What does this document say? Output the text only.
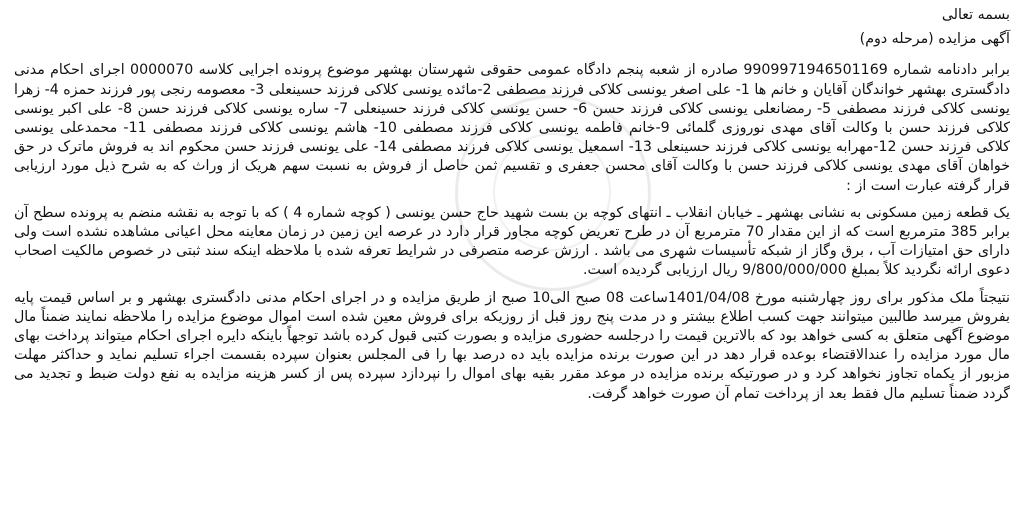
بسمه تعالی

آگهی مزایده (مرحله دوم)

برابر دادنامه شماره 9909971946501169 صادره از شعبه پنجم دادگاه عمومی حقوقی شهرستان بهشهر موضوع پرونده اجرایی کلاسه 0000070 اجرای احکام مدنی دادگستری بهشهر خواندگان آقایان و خانم ها 1- علی اصغر یونسی کلاکی فرزند مصطفی 2-مائده یونسی کلاکی فرزند حسینعلی 3- معصومه رنجی پور فرزند حمزه 4- زهرا یونسی کلاکی فرزند مصطفی 5- رمضانعلی یونسی کلاکی فرزند حسن 6- حسن یونسی کلاکی فرزند حسینعلی 7- ساره یونسی کلاکی فرزند حسن 8- علی اکبر یونسی کلاکی فرزند حسن با وکالت آقای مهدی نوروزی گلمائی 9-خانم فاطمه یونسی کلاکی فرزند مصطفی 10- هاشم یونسی کلاکی فرزند مصطفی 11- محمدعلی یونسی کلاکی فرزند حسن 12-مهرابه یونسی کلاکی فرزند حسینعلی 13- اسمعیل یونسی کلاکی فرزند مصطفی 14- علی یونسی فرزند حسن محکوم اند به فروش ماترک در حق خواهان آقای مهدی یونسی کلاکی فرزند حسن با وکالت آقای محسن جعفری و تقسیم ثمن حاصل از فروش به نسبت سهم هریک از وراث که به شرح ذیل مورد ارزیابی قرار گرفته عبارت است از :

یک قطعه زمین مسکونی به نشانی بهشهر ـ خیابان انقلاب ـ انتهای کوچه بن بست شهید حاج حسن یونسی ( کوچه شماره 4 ) که با توجه به نقشه منضم به پرونده سطح آن برابر 385 مترمربع است که از این مقدار 70 مترمربع آن در طرح تعریض کوچه مجاور قرار دارد در عرصه این زمین در زمان معاینه محل اعیانی مشاهده نشده است ولی دارای حق امتیازات آب ، برق وگاز از شبکه تأسیسات شهری می باشد . ارزش عرصه متصرفی در شرایط تعرفه شده با ملاحظه اینکه سند ثبتی در خصوص مالکیت اصحاب دعوی ارائه نگردید کلاً بمبلغ 9/800/000/000 ریال ارزیابی گردیده است.

نتیجتاً ملک مذکور برای روز چهارشنبه مورخ 1401/04/08ساعت 08 صبح الی10 صبح از طریق مزایده و در اجرای احکام مدنی دادگستری بهشهر و بر اساس قیمت پایه بفروش میرسد طالبین میتوانند جهت کسب اطلاع بیشتر و در مدت پنج روز قبل از روزیکه برای فروش معین شده است اموال موضوع مزایده را ملاحظه نمایند ضمناً مال موضوع آگهی متعلق به کسی خواهد بود که بالاترین قیمت را درجلسه حضوری مزایده و بصورت کتبی قبول کرده باشد توجهاً باینکه دایره اجرای احکام میتواند پرداخت بهای مال مورد مزایده را عندالاقتضاء بوعده قرار دهد در این صورت برنده مزایده باید ده درصد بها را فی المجلس بعنوان سپرده بقسمت اجراء تسلیم نماید و حداکثر مهلت مزبور از یکماه تجاوز نخواهد کرد و در صورتیکه برنده مزایده در موعد مقرر بقیه بهای اموال را نپردازد سپرده پس از کسر هزینه مزایده به نفع دولت ضبط و تجدید می گردد ضمناً تسلیم مال فقط بعد از پرداخت تمام آن صورت خواهد گرفت.
